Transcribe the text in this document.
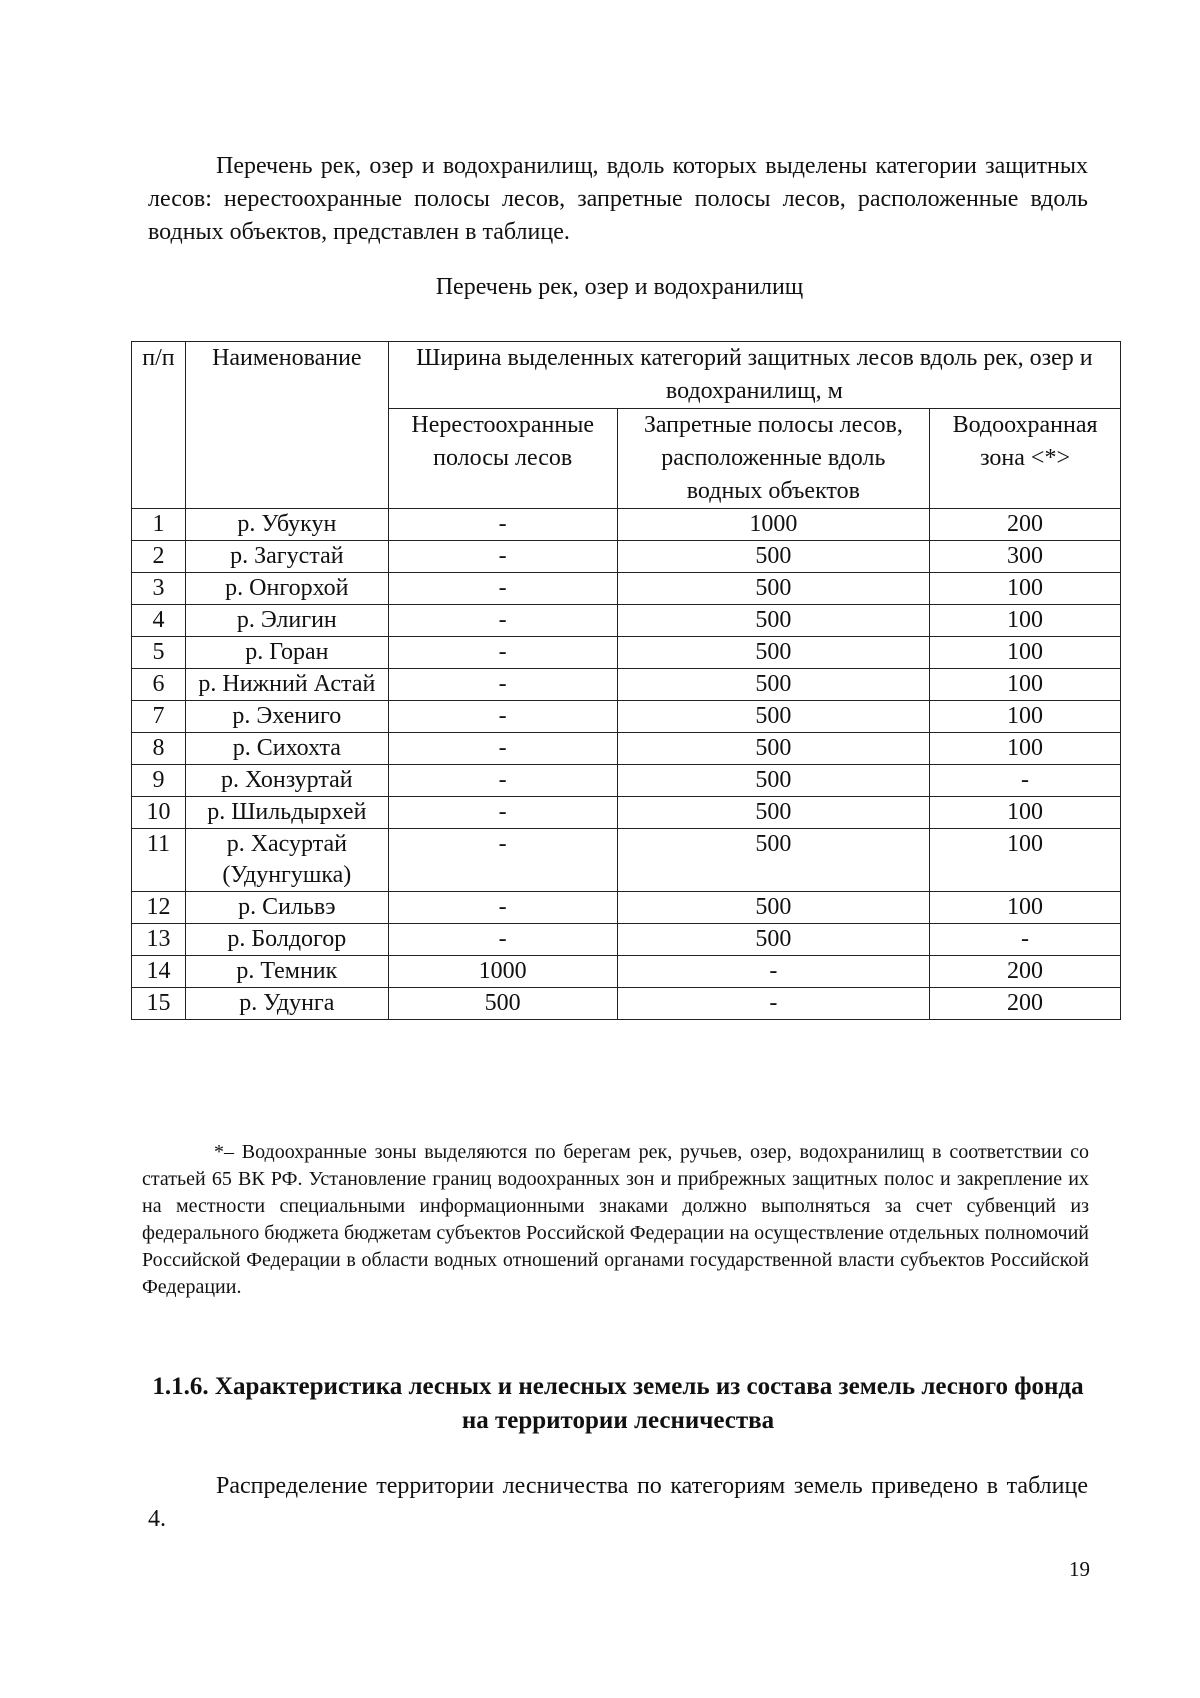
Перечень рек, озер и водохранилищ, вдоль которых выделены категории защитных лесов: нерестоохранные полосы лесов, запретные полосы лесов, расположенные вдоль водных объектов, представлен в таблице.

Перечень рек, озер и водохранилищ

п/п	Наименование	Ширина выделенных категорий защитных лесов вдоль рек, озер и водохранилищ, м		
		Нерестоохранные полосы лесов	Запретные полосы лесов, расположенные вдоль водных объектов	Водоохранная зона <*>
1	р. Убукун	-	1000	200
2	р. Загустай	-	500	300
3	р. Онгорхой	-	500	100
4	р. Элигин	-	500	100
5	р. Горан	-	500	100
6	р. Нижний Астай	-	500	100
7	р. Эхениго	-	500	100
8	р. Сихохта	-	500	100
9	р. Хонзуртай	-	500	-
10	р. Шильдырхей	-	500	100
11	р. Хасуртай (Удунгушка)	-	500	100
12	р. Сильвэ	-	500	100
13	р. Болдогор	-	500	-
14	р. Темник	1000	-	200
15	р. Удунга	500	-	200

*– Водоохранные зоны выделяются по берегам рек, ручьев, озер, водохранилищ в соответствии со статьей 65 ВК РФ. Установление границ водоохранных зон и прибрежных защитных полос и закрепление их на местности специальными информационными знаками должно выполняться за счет субвенций из федерального бюджета бюджетам субъектов Российской Федерации на осуществление отдельных полномочий Российской Федерации в области водных отношений органами государственной власти субъектов Российской Федерации.

1.1.6. Характеристика лесных и нелесных земель из состава земель лесного фонда на территории лесничества

Распределение территории лесничества по категориям земель приведено в таблице 4.

19
